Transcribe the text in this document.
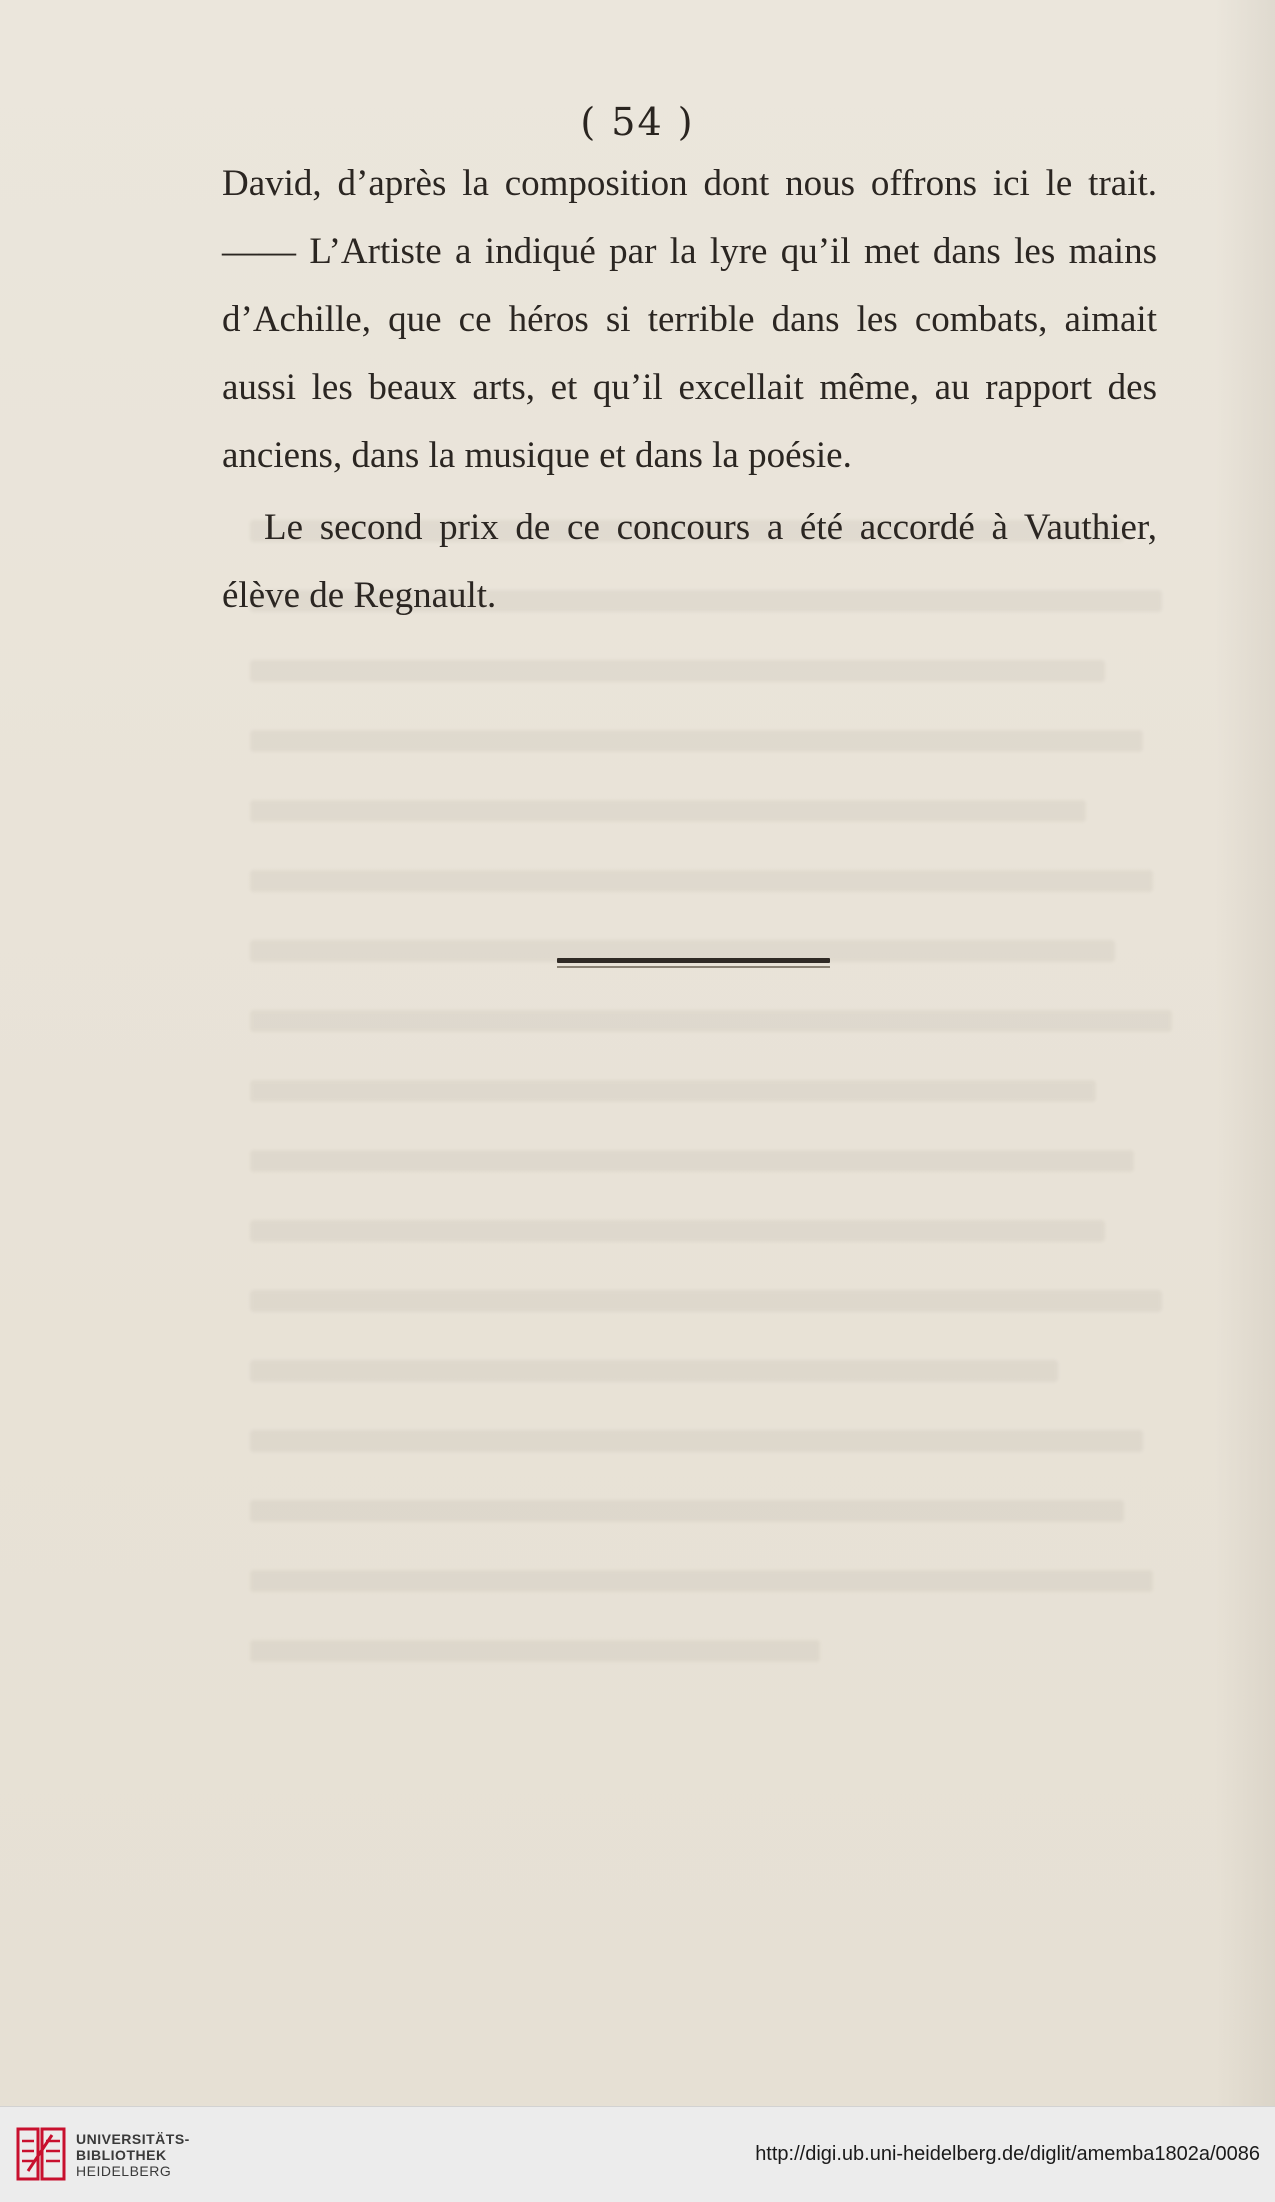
( 54 )

David, d’après la composition dont nous offrons ici le trait. —— L’Artiste a indiqué par la lyre qu’il met dans les mains d’Achille, que ce héros si terrible dans les combats, aimait aussi les beaux arts, et qu’il excellait même, au rapport des anciens, dans la musique et dans la poésie.

Le second prix de ce concours a été accordé à Vauthier, élève de Regnault.

UNIVERSITÄTS-
BIBLIOTHEK
HEIDELBERG
http://digi.ub.uni-heidelberg.de/diglit/amemba1802a/0086
